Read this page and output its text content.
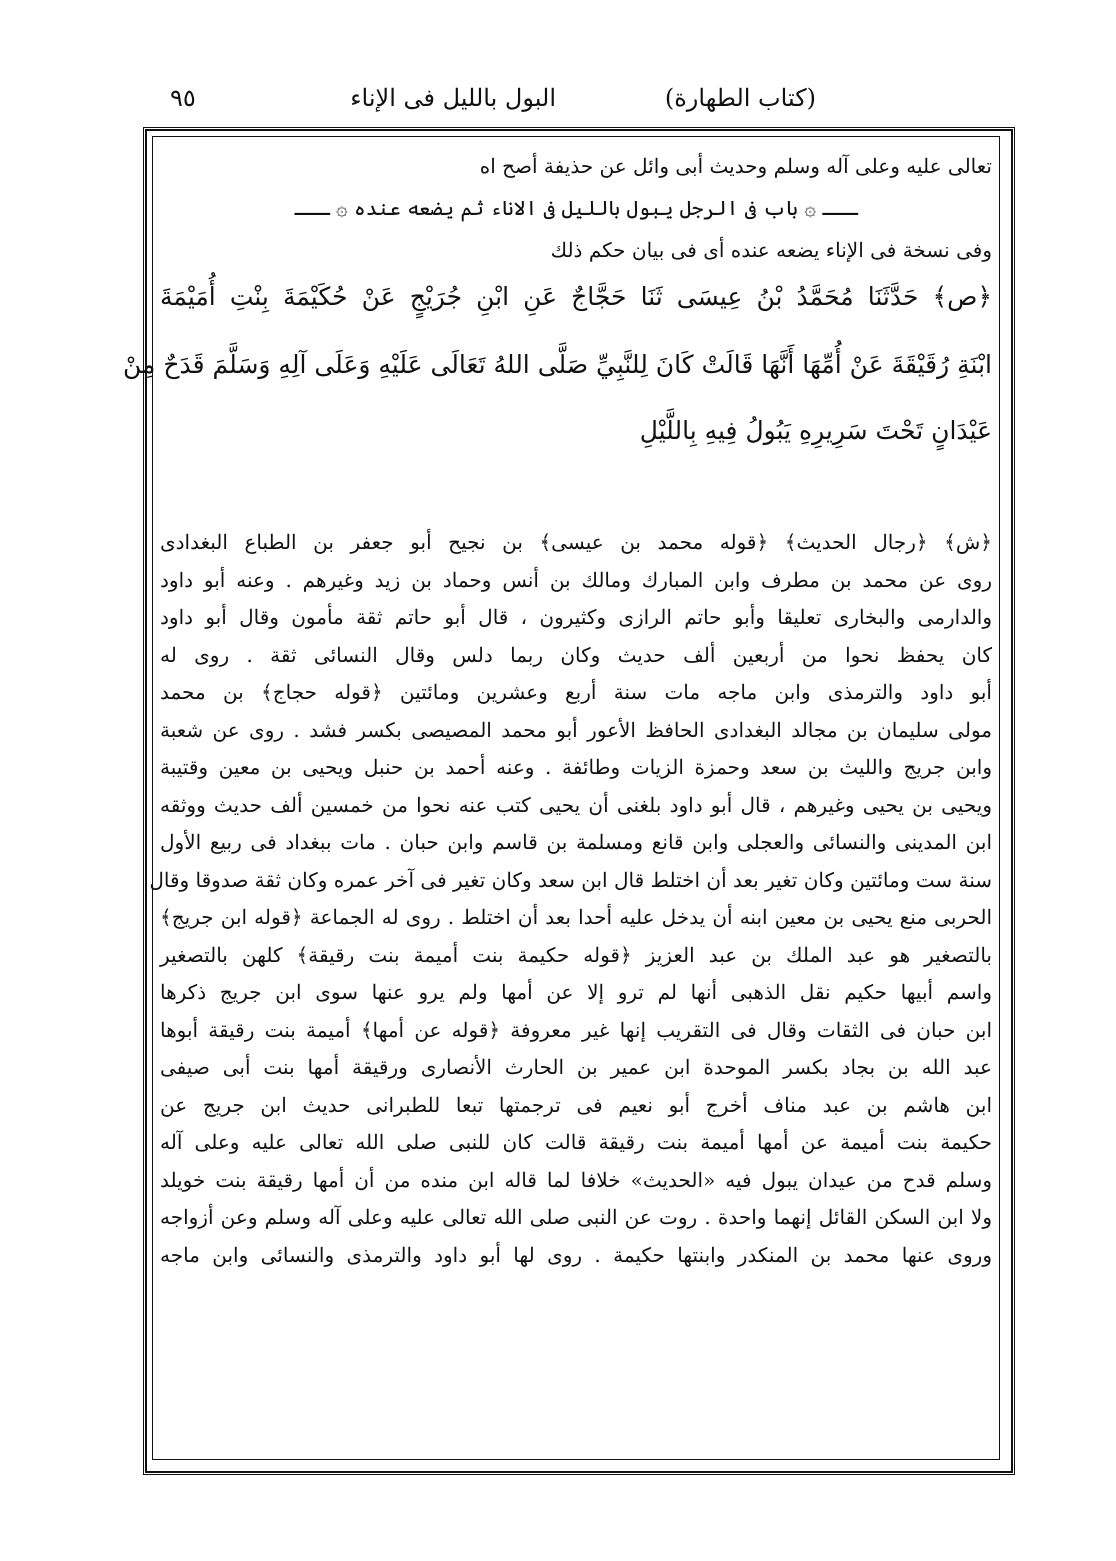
(كتاب الطهارة)
البول بالليل فى الإناء
٩٥
تعالى عليه وعلى آله وسلم وحديث أبى وائل عن حذيفة أصح اه
ـــ ۞ باب فى الرجل يبول بالليل فى الاناء ثم يضعه عنده ۞ ـــ
وفى نسخة فى الإناء يضعه عنده أى فى بيان حكم ذلك
﴿ص﴾ حَدَّثَنَا مُحَمَّدُ بْنُ عِيسَى ثَنَا حَجَّاجٌ عَنِ ابْنِ جُرَيْجٍ عَنْ حُكَيْمَةَ بِنْتِ أُمَيْمَةَ
ابْنَةِ رُقَيْقَةَ عَنْ أُمِّهَا أَنَّهَا قَالَتْ كَانَ لِلنَّبِيِّ صَلَّى اللهُ تَعَالَى عَلَيْهِ وَعَلَى آلِهِ وَسَلَّمَ قَدَحٌ مِنْ
عَيْدَانٍ تَحْتَ سَرِيرِهِ يَبُولُ فِيهِ بِاللَّيْلِ
﴿ش﴾ ﴿رجال الحديث﴾ ﴿قوله محمد بن عيسى﴾ بن نجيح أبو جعفر بن الطباع البغدادى
روى عن محمد بن مطرف وابن المبارك ومالك بن أنس وحماد بن زيد وغيرهم . وعنه أبو داود
والدارمى والبخارى تعليقا وأبو حاتم الرازى وكثيرون ، قال أبو حاتم ثقة مأمون وقال أبو داود
كان يحفظ نحوا من أربعين ألف حديث وكان ربما دلس وقال النسائى ثقة . روى له
أبو داود والترمذى وابن ماجه مات سنة أربع وعشرين ومائتين ﴿قوله حجاج﴾ بن محمد
مولى سليمان بن مجالد البغدادى الحافظ الأعور أبو محمد المصيصى بكسر فشد . روى عن شعبة
وابن جريج والليث بن سعد وحمزة الزيات وطائفة . وعنه أحمد بن حنبل ويحيى بن معين وقتيبة
ويحيى بن يحيى وغيرهم ، قال أبو داود بلغنى أن يحيى كتب عنه نحوا من خمسين ألف حديث ووثقه
ابن المدينى والنسائى والعجلى وابن قانع ومسلمة بن قاسم وابن حبان . مات ببغداد فى ربيع الأول
سنة ست ومائتين وكان تغير بعد أن اختلط قال ابن سعد وكان تغير فى آخر عمره وكان ثقة صدوقا وقال
الحربى منع يحيى بن معين ابنه أن يدخل عليه أحدا بعد أن اختلط . روى له الجماعة ﴿قوله ابن جريج﴾
بالتصغير هو عبد الملك بن عبد العزيز ﴿قوله حكيمة بنت أميمة بنت رقيقة﴾ كلهن بالتصغير
واسم أبيها حكيم نقل الذهبى أنها لم ترو إلا عن أمها ولم يرو عنها سوى ابن جريج ذكرها
ابن حبان فى الثقات وقال فى التقريب إنها غير معروفة ﴿قوله عن أمها﴾ أميمة بنت رقيقة أبوها
عبد الله بن بجاد بكسر الموحدة ابن عمير بن الحارث الأنصارى ورقيقة أمها بنت أبى صيفى
ابن هاشم بن عبد مناف أخرج أبو نعيم فى ترجمتها تبعا للطبرانى حديث ابن جريج عن
حكيمة بنت أميمة عن أمها أميمة بنت رقيقة قالت كان للنبى صلى الله تعالى عليه وعلى آله
وسلم قدح من عيدان يبول فيه «الحديث» خلافا لما قاله ابن منده من أن أمها رقيقة بنت خويلد
ولا ابن السكن القائل إنهما واحدة . روت عن النبى صلى الله تعالى عليه وعلى آله وسلم وعن أزواجه
وروى عنها محمد بن المنكدر وابنتها حكيمة . روى لها أبو داود والترمذى والنسائى وابن ماجه
